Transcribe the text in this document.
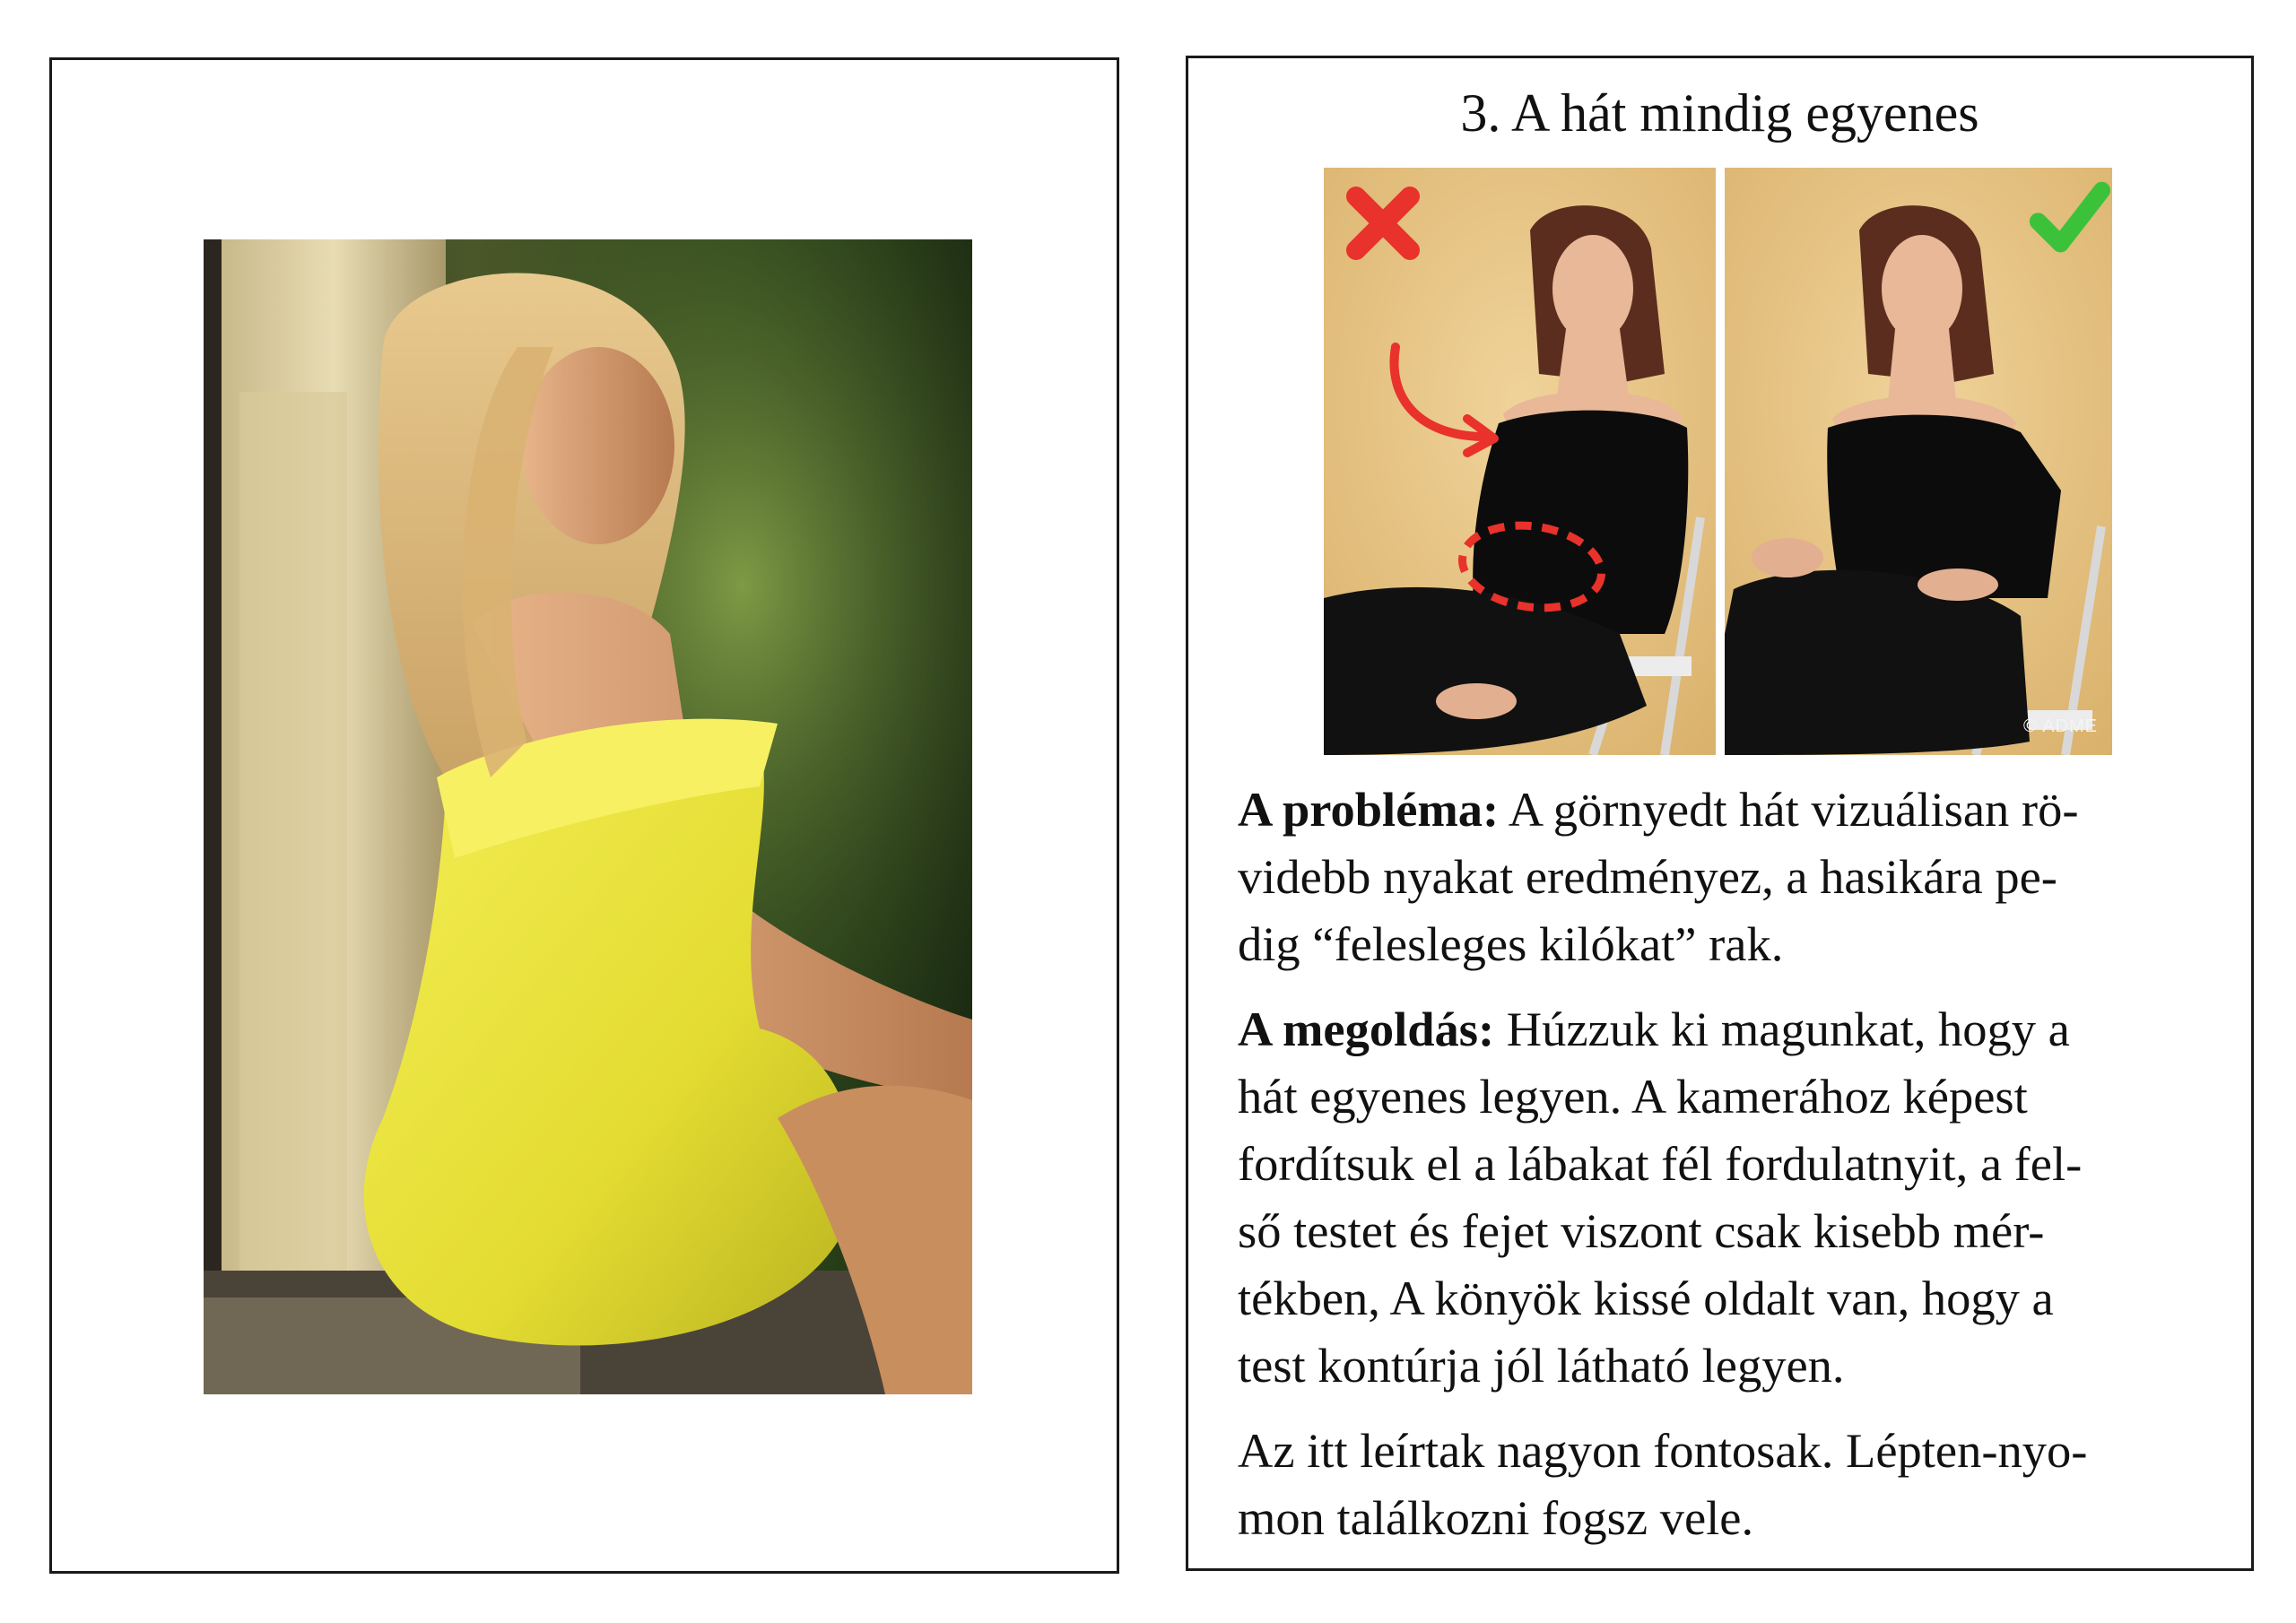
3. A hát mindig egyenes
© ADME

A probléma: A görnyedt hát vizuálisan rö-
videbb nyakat eredményez, a hasikára pe-
dig “felesleges kilókat” rak.

A megoldás: Húzzuk ki magunkat, hogy a
hát egyenes legyen. A kamerához képest
fordítsuk el a lábakat fél fordulatnyit, a fel-
ső testet és fejet viszont csak kisebb mér-
tékben, A könyök kissé oldalt van, hogy a
test kontúrja jól látható legyen.

Az itt leírtak nagyon fontosak. Lépten-nyo-
mon találkozni fogsz vele.
